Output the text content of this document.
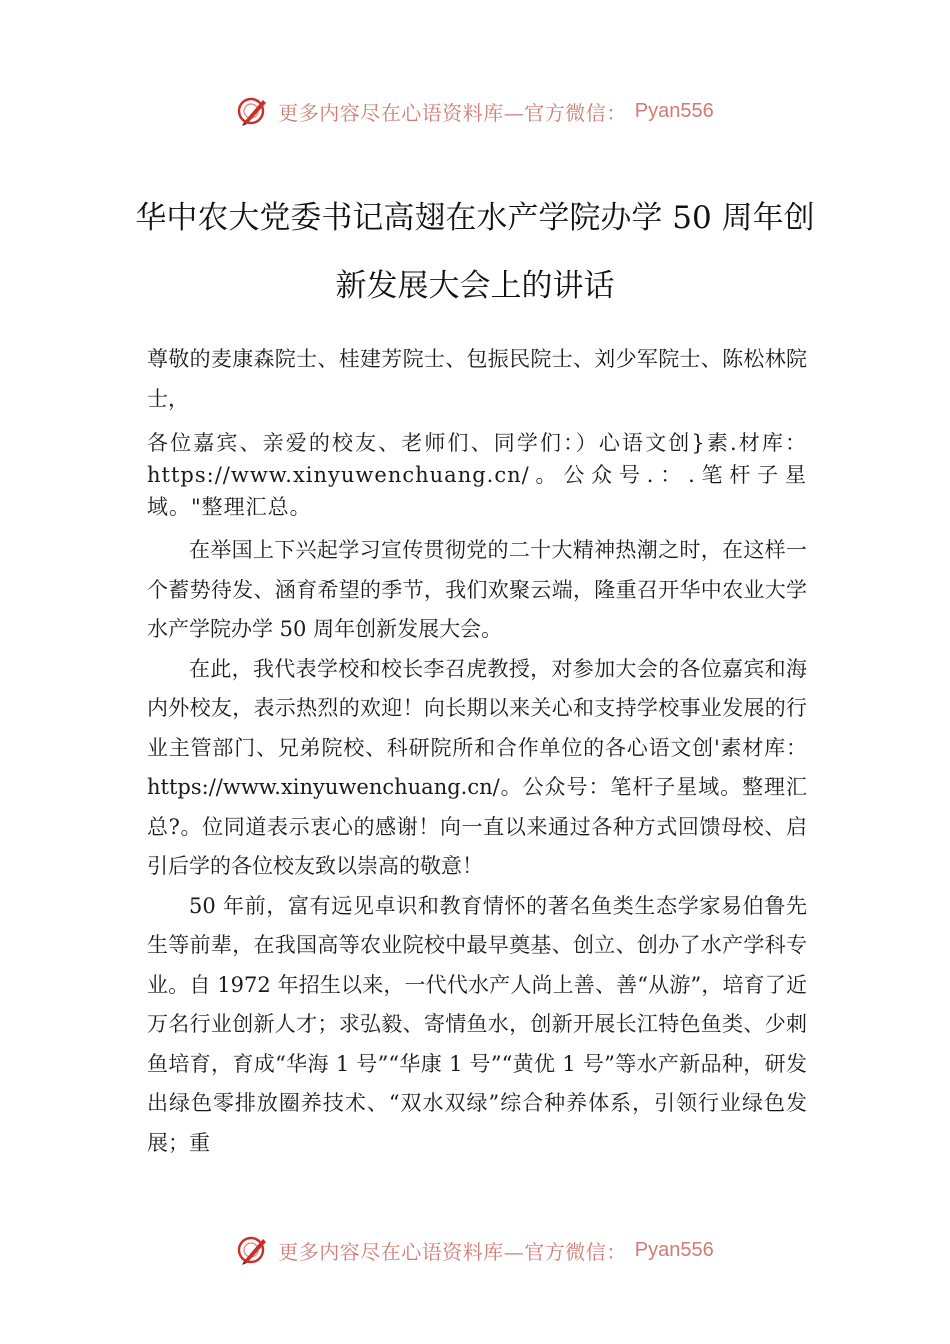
更多内容尽在心语资料库—官方微信： Pyan556
华中农大党委书记高翅在水产学院办学 50 周年创新发展大会上的讲话

尊敬的麦康森院士、桂建芳院士、包振民院士、刘少军院士、陈松林院士，

各位嘉宾、亲爱的校友、老师们、同学们：）心语文创}素.材库：https://www.xinyuwenchuang.cn/。公众号.：.笔杆子星域。"整理汇总。

在举国上下兴起学习宣传贯彻党的二十大精神热潮之时，在这样一个蓄势待发、涵育希望的季节，我们欢聚云端，隆重召开华中农业大学水产学院办学 50 周年创新发展大会。

在此，我代表学校和校长李召虎教授，对参加大会的各位嘉宾和海内外校友，表示热烈的欢迎！向长期以来关心和支持学校事业发展的行业主管部门、兄弟院校、科研院所和合作单位的各心语文创'素材库：https://www.xinyuwenchuang.cn/。公众号：笔杆子星域。整理汇总?。位同道表示衷心的感谢！向一直以来通过各种方式回馈母校、启引后学的各位校友致以崇高的敬意！

50 年前，富有远见卓识和教育情怀的著名鱼类生态学家易伯鲁先生等前辈，在我国高等农业院校中最早奠基、创立、创办了水产学科专业。自 1972 年招生以来，一代代水产人尚上善、善“从游”，培育了近万名行业创新人才；求弘毅、寄情鱼水，创新开展长江特色鱼类、少刺鱼培育，育成“华海 1 号”“华康 1 号”“黄优 1 号”等水产新品种，研发出绿色零排放圈养技术、“双水双绿”综合种养体系，引领行业绿色发展；重

更多内容尽在心语资料库—官方微信： Pyan556
